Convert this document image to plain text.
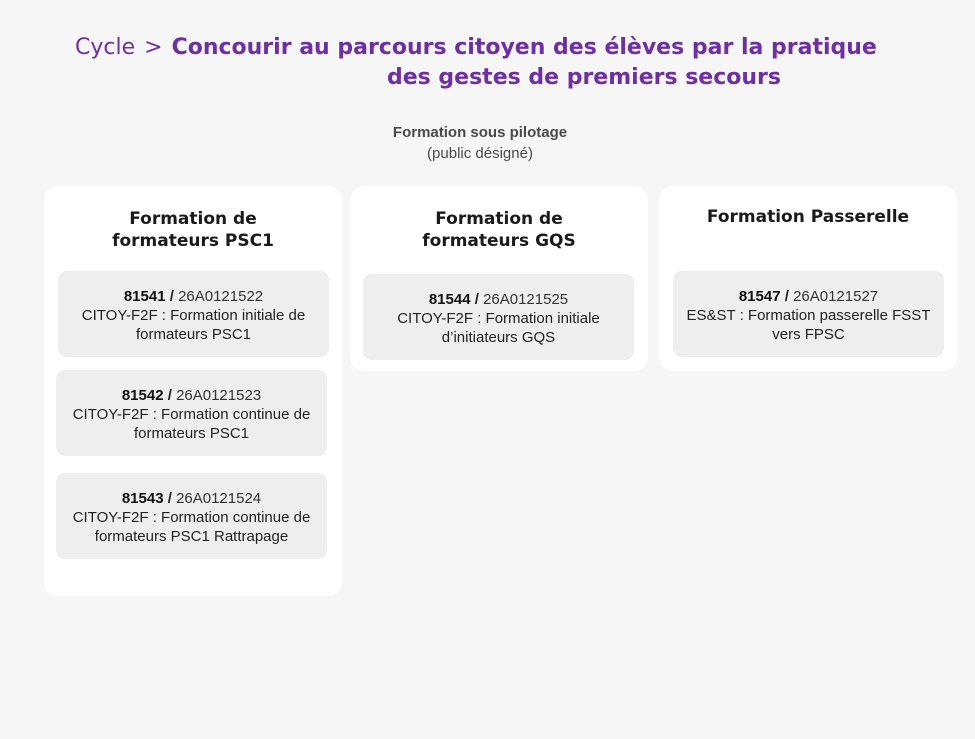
Cycle > Concourir au parcours citoyen des élèves par la pratique
des gestes de premiers secours
Formation sous pilotage
(public désigné)
Formation de formateurs PSC1
81541 / 26A0121522
CITOY-F2F : Formation initiale de formateurs PSC1
81542 / 26A0121523
CITOY-F2F : Formation continue de formateurs PSC1
81543 / 26A0121524
CITOY-F2F : Formation continue de formateurs PSC1 Rattrapage
Formation de formateurs GQS
81544 / 26A0121525
CITOY-F2F : Formation initiale d’initiateurs GQS
Formation Passerelle
81547 / 26A0121527
ES&ST : Formation passerelle FSST vers FPSC
